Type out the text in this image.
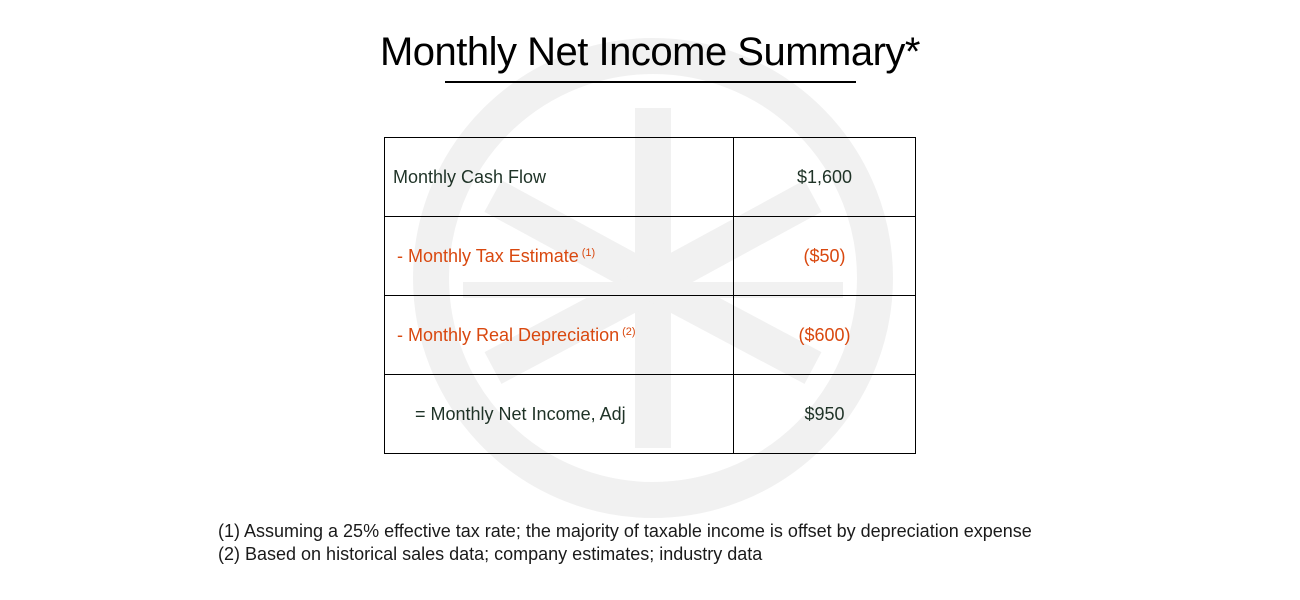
Monthly Net Income Summary*
Monthly Cash Flow	$1,600
- Monthly Tax Estimate $^{(1)}$	($50)
- Monthly Real Depreciation $^{(2)}$	($600)
= Monthly Net Income, Adj	$950
(1) Assuming a 25% effective tax rate; the majority of taxable income is offset by depreciation expense
(2) Based on historical sales data; company estimates; industry data
